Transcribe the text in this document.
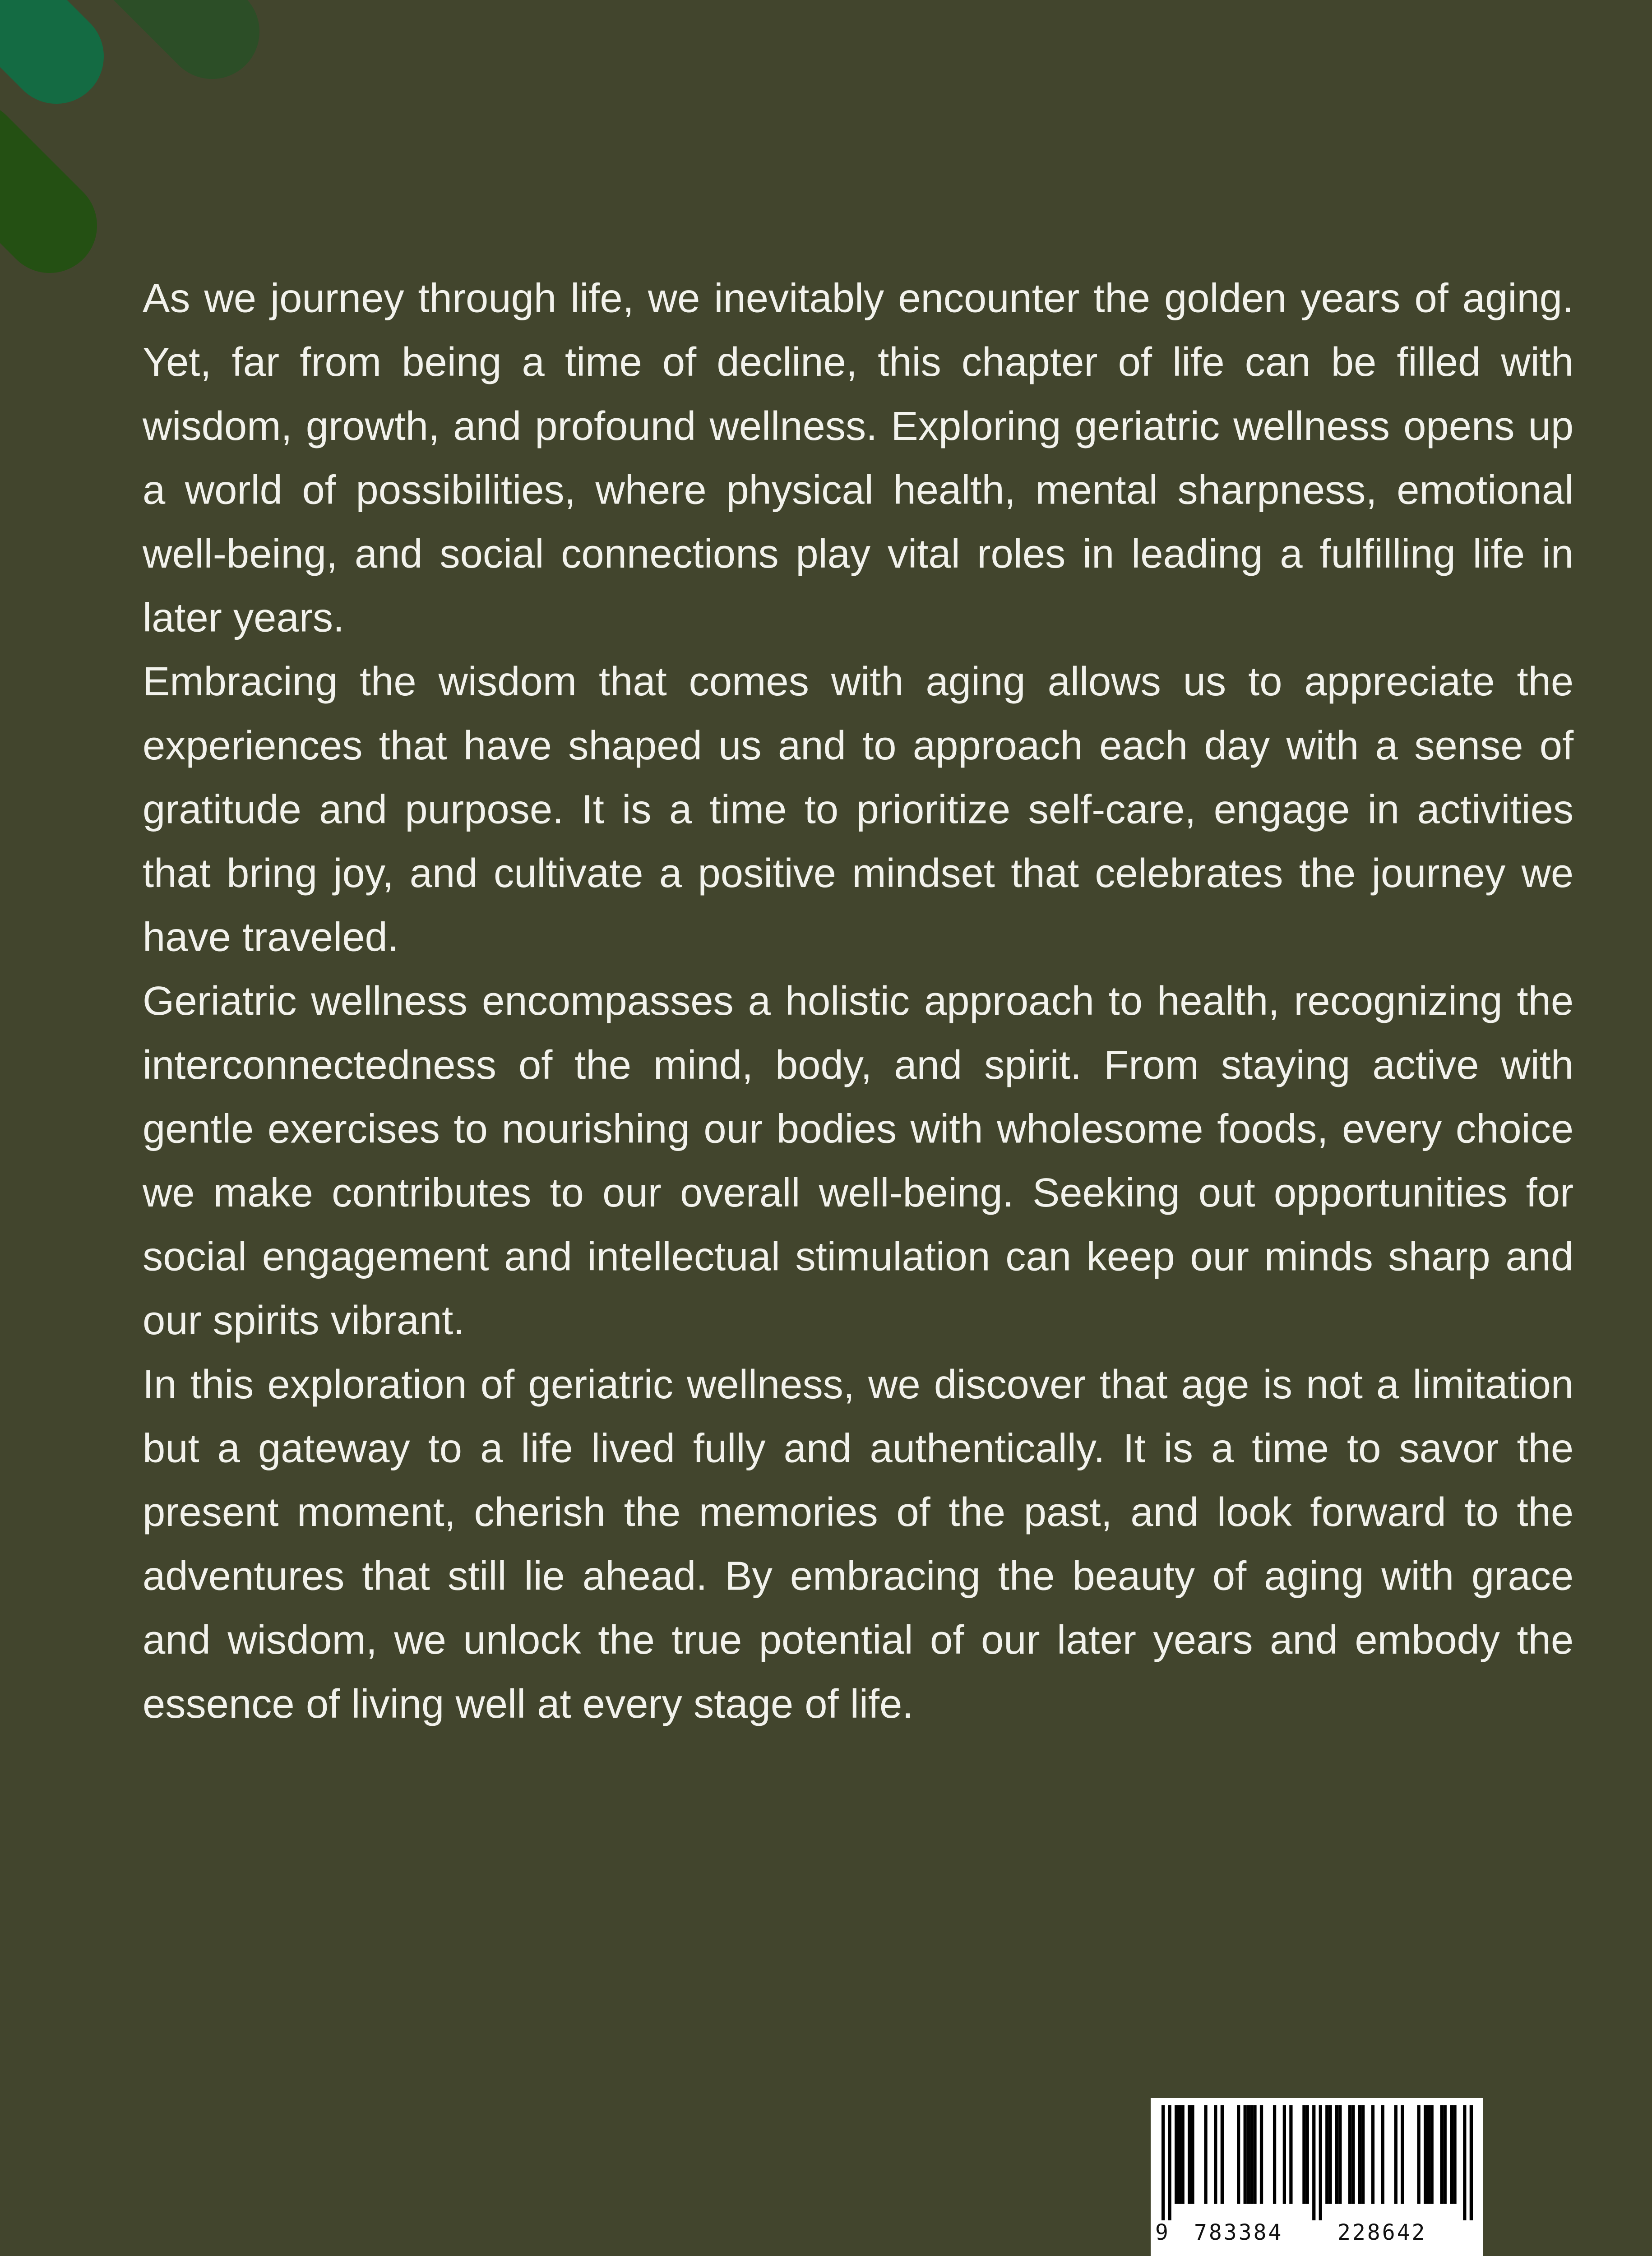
As we journey through life, we inevitably encounter the golden years of aging. Yet, far from being a time of decline, this chapter of life can be filled with wisdom, growth, and profound wellness. Exploring geriatric wellness opens up a world of possibilities, where physical health, mental sharpness, emotional well-being, and social connections play vital roles in leading a fulfilling life in later years.

Embracing the wisdom that comes with aging allows us to appreciate the experiences that have shaped us and to approach each day with a sense of gratitude and purpose. It is a time to prioritize self-care, engage in activities that bring joy, and cultivate a positive mindset that celebrates the journey we have traveled.

Geriatric wellness encompasses a holistic approach to health, recognizing the interconnectedness of the mind, body, and spirit. From staying active with gentle exercises to nourishing our bodies with wholesome foods, every choice we make contributes to our overall well-being. Seeking out opportunities for social engagement and intellectual stimulation can keep our minds sharp and our spirits vibrant.

In this exploration of geriatric wellness, we discover that age is not a limitation but a gateway to a life lived fully and authentically. It is a time to savor the present moment, cherish the memories of the past, and look forward to the adventures that still lie ahead. By embracing the beauty of aging with grace and wisdom, we unlock the true potential of our later years and embody the essence of living well at every stage of life.

9 783384	228642
